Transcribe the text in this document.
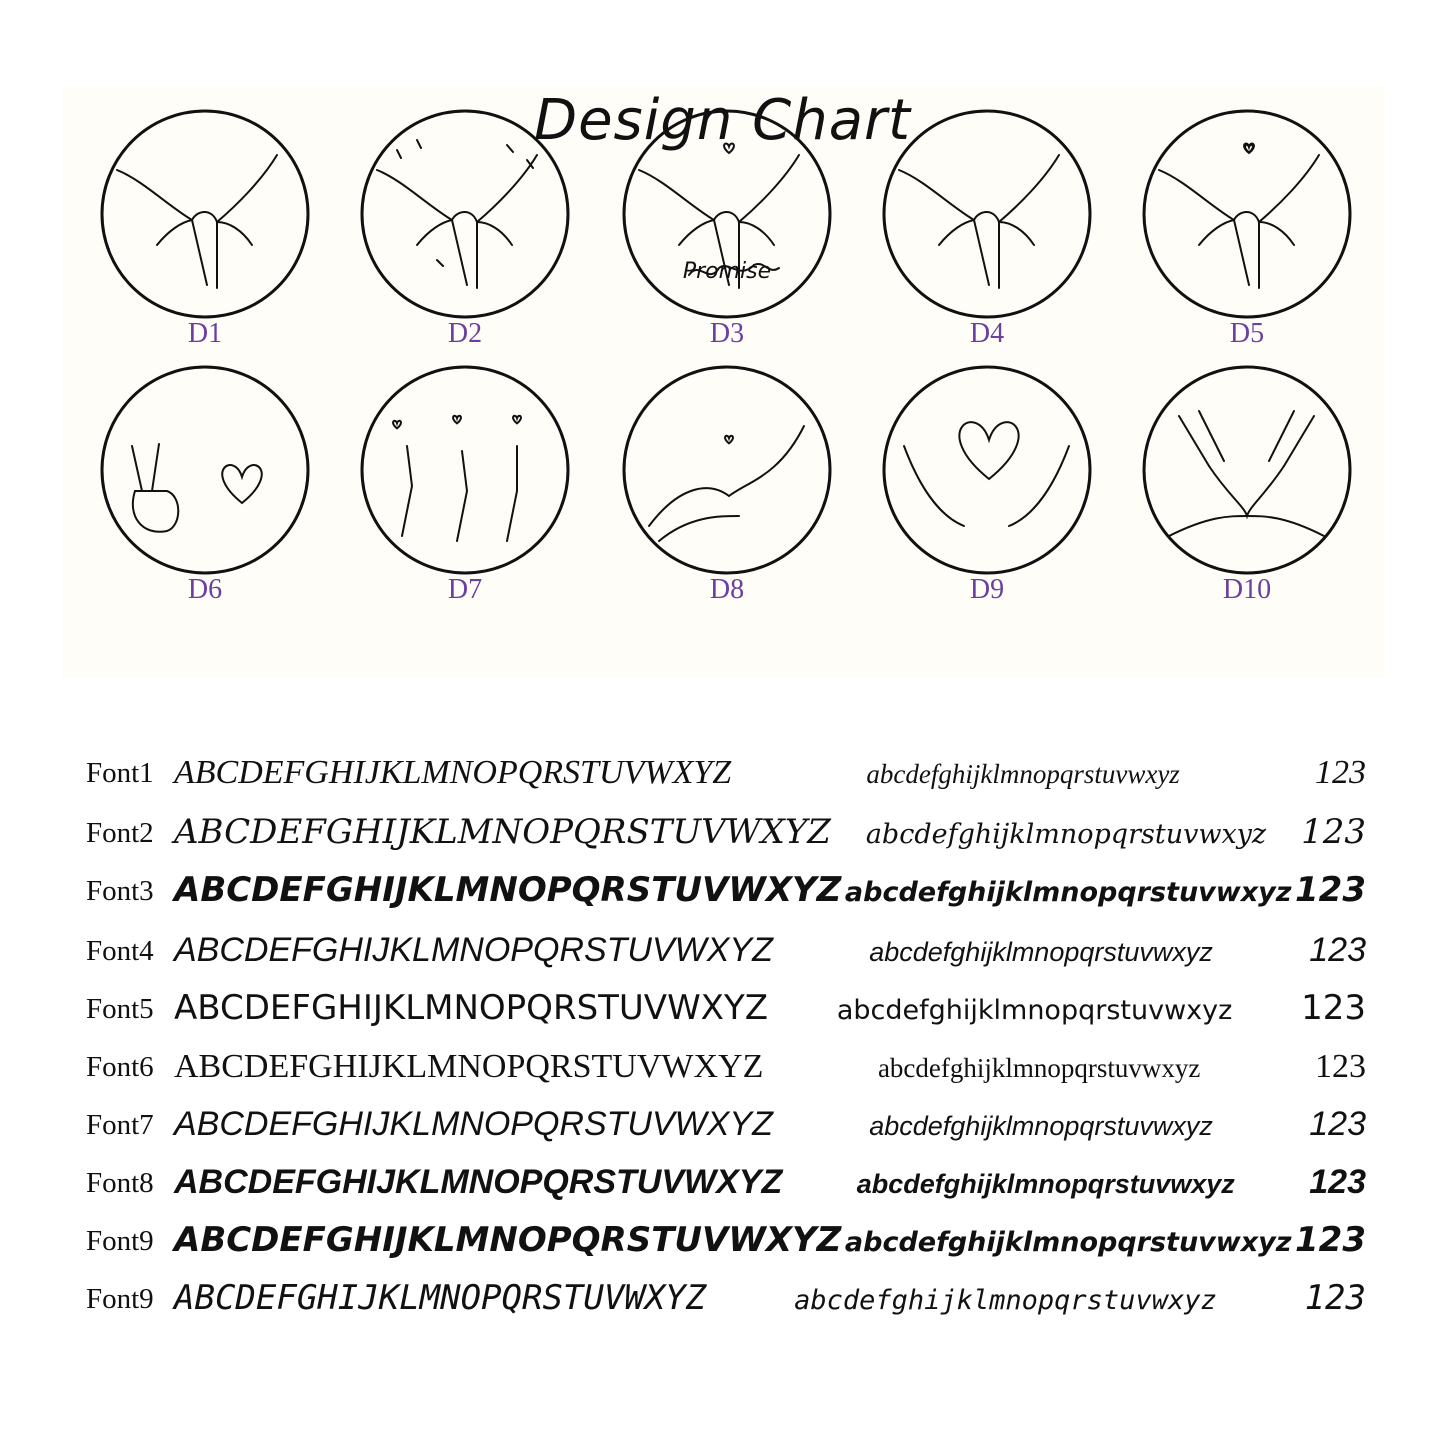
Design Chart
D1	D2
Promise
D3	D4	D5
D6	D7	D8	D9	D10
Font1 ABCDEFGHIJKLMNOPQRSTUVWXYZ	abcdefghijklmnopqrstuvwxyz	123
Font2 ABCDEFGHIJKLMNOPQRSTUVWXYZ abcdefghijklmnopqrstuvwxyz 123
Font3 ABCDEFGHIJKLMNOPQRSTUVWXYZ abcdefghijklmnopqrstuvwxyz 123
Font4 ABCDEFGHIJKLMNOPQRSTUVWXYZ	abcdefghijklmnopqrstuvwxyz	123
Font5 ABCDEFGHIJKLMNOPQRSTUVWXYZ	abcdefghijklmnopqrstuvwxyz 123
Font6 ABCDEFGHIJKLMNOPQRSTUVWXYZ	abcdefghijklmnopqrstuvwxyz	123
Font7 ABCDEFGHIJKLMNOPQRSTUVWXYZ	abcdefghijklmnopqrstuvwxyz	123
Font8 ABCDEFGHIJKLMNOPQRSTUVWXYZ	abcdefghijklmnopqrstuvwxyz 123
Font9 ABCDEFGHIJKLMNOPQRSTUVWXYZ abcdefghijklmnopqrstuvwxyz 123
Font9 ABCDEFGHIJKLMNOPQRSTUVWXYZ	abcdefghijklmnopqrstuvwxyz	123
